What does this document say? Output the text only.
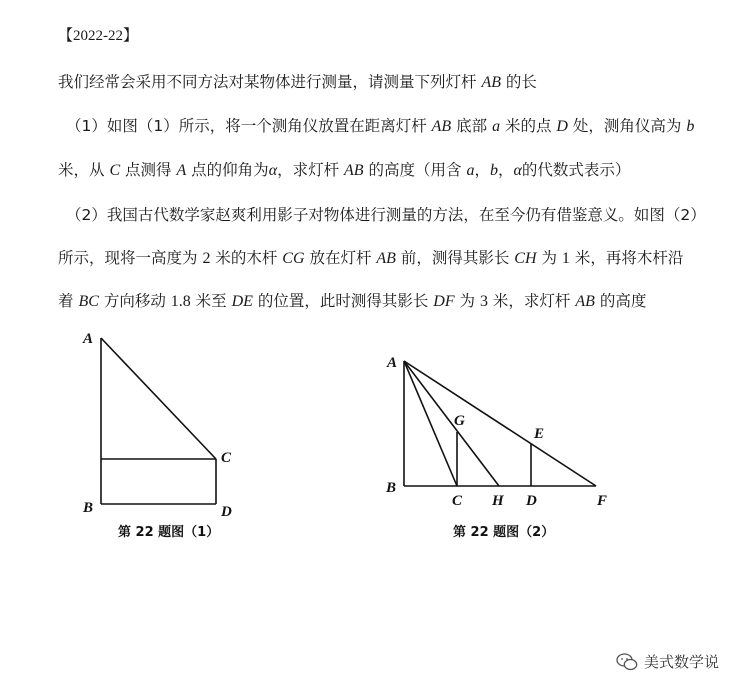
【2022-22】
我们经常会采用不同方法对某物体进行测量，请测量下列灯杆 AB 的长
（1）如图（1）所示，将一个测角仪放置在距离灯杆 AB 底部 a 米的点 D 处，测角仪高为 b
米，从 C 点测得 A 点的仰角为α，求灯杆 AB 的高度（用含 a，b，α的代数式表示）
（2）我国古代数学家赵爽利用影子对物体进行测量的方法，在至今仍有借鉴意义。如图（2）
所示，现将一高度为 2 米的木杆 CG 放在灯杆 AB 前，测得其影长 CH 为 1 米，再将木杆沿
着 BC 方向移动 1.8 米至 DE 的位置，此时测得其影长 DF 为 3 米，求灯杆 AB 的高度
A
B
C
D
第 22 题图（1）
A
B
C	D
E
F
G
H
第 22 题图（2）
美式数学说
